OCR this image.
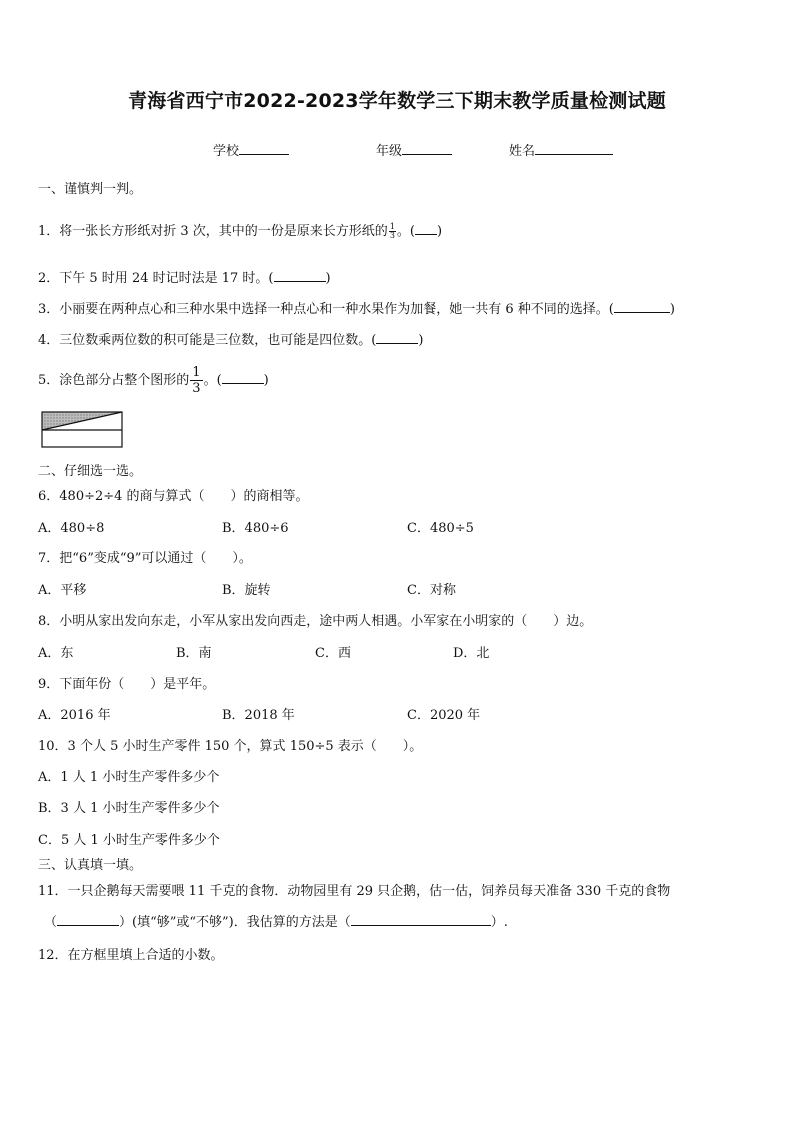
青海省西宁市2022-2023学年数学三下期末教学质量检测试题
学校	年级	姓名
一、谨慎判一判。
1．将一张长方形纸对折 3 次，其中的一份是原来长方形纸的 $\frac{1}{3}$ 。( )
2．下午 5 时用 24 时记时法是 17 时。(	)
3．小丽要在两种点心和三种水果中选择一种点心和一种水果作为加餐，她一共有 6 种不同的选择。(	)
4．三位数乘两位数的积可能是三位数，也可能是四位数。(	)
5．涂色部分占整个图形的 $\frac{1}{3}$ 。(	)
二、仔细选一选。
6．480÷2÷4 的商与算式（　　）的商相等。
A．480÷8	B．480÷6	C．480÷5
7．把“6”变成“9”可以通过（　　）。
A．平移	B．旋转	C．对称
8．小明从家出发向东走，小军从家出发向西走，途中两人相遇。小军家在小明家的（　　）边。
A．东	B．南	C．西	D．北
9．下面年份（　　）是平年。
A．2016 年	B．2018 年	C．2020 年
10．3 个人 5 小时生产零件 150 个，算式 150÷5 表示（　　）。
A．1 人 1 小时生产零件多少个
B．3 人 1 小时生产零件多少个
C．5 人 1 小时生产零件多少个
三、认真填一填。
11．一只企鹅每天需要喂 11 千克的食物．动物园里有 29 只企鹅，估一估，饲养员每天准备 330 千克的食物
（	）(填“够”或“不够”)．我估算的方法是（	）.
12．在方框里填上合适的小数。
